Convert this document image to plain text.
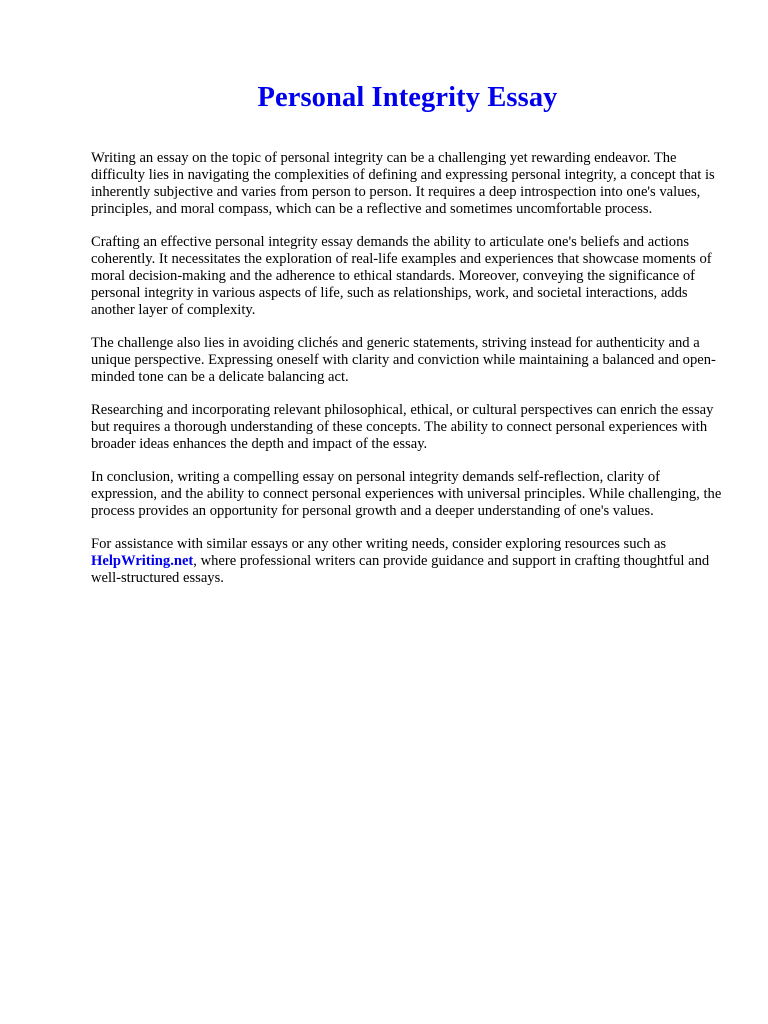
Personal Integrity Essay

Writing an essay on the topic of personal integrity can be a challenging yet rewarding endeavor. The difficulty lies in navigating the complexities of defining and expressing personal integrity, a concept that is inherently subjective and varies from person to person. It requires a deep introspection into one's values, principles, and moral compass, which can be a reflective and sometimes uncomfortable process.

Crafting an effective personal integrity essay demands the ability to articulate one's beliefs and actions coherently. It necessitates the exploration of real-life examples and experiences that showcase moments of moral decision-making and the adherence to ethical standards. Moreover, conveying the significance of personal integrity in various aspects of life, such as relationships, work, and societal interactions, adds another layer of complexity.

The challenge also lies in avoiding clichés and generic statements, striving instead for authenticity and a unique perspective. Expressing oneself with clarity and conviction while maintaining a balanced and open-minded tone can be a delicate balancing act.

Researching and incorporating relevant philosophical, ethical, or cultural perspectives can enrich the essay but requires a thorough understanding of these concepts. The ability to connect personal experiences with broader ideas enhances the depth and impact of the essay.

In conclusion, writing a compelling essay on personal integrity demands self-reflection, clarity of expression, and the ability to connect personal experiences with universal principles. While challenging, the process provides an opportunity for personal growth and a deeper understanding of one's values.

For assistance with similar essays or any other writing needs, consider exploring resources such as
HelpWriting.net, where professional writers can provide guidance and support in crafting thoughtful and well-structured essays.
